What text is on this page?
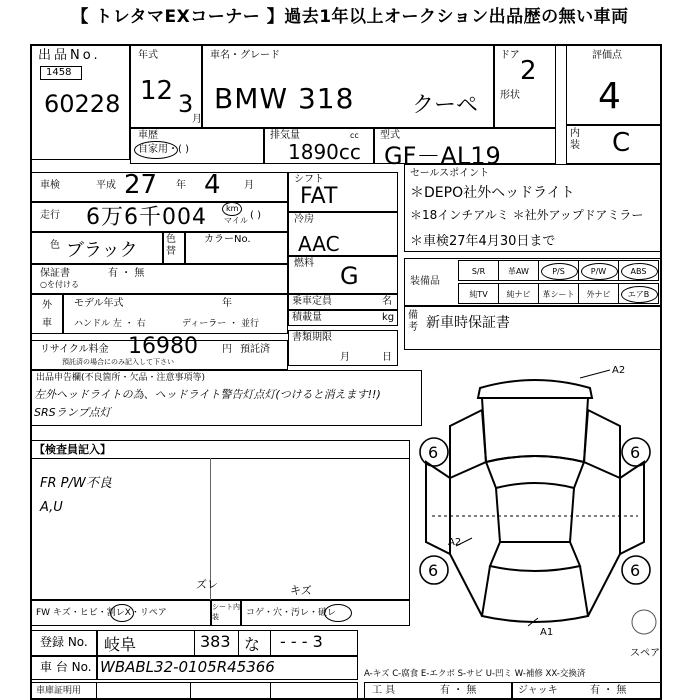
【 トレタマEXコーナー 】過去1年以上オークション出品歴の無い車両
出品No.
1458
60228
年式
12 3
月
車名・グレード
BMW 318	クーペ
ドア
2
形状
評価点
4
内装 C
車歴
自家用・( )
排気量	cc
1890cc
型式
GF－AL19
車検	平成 27 年 4 月
走行 6万6千004 km
マイル ( )
色 ブラック
色替
カラーNo.
保証書	有 ・ 無
○を付ける
外
車
モデル年式	年
ハンドル 左 ・ 右	ディーラー ・ 並行
リサイクル料金 16980 円 預託済
預託済の場合にのみ記入して下さい
シフト
FAT
冷房
AAC
燃料 G
乗車定員	名
積載量	kg
書類期限
月	日
セールスポイント
＊DEPO社外ヘッドライト
＊18インチアルミ ＊社外アップドアミラー
＊車検27年4月30日まで
装備品
S/R	革AW	P/S	P/W	ABS
純TV	純ナビ	革シート	外ナビ	エアB
備考 新車時保証書
出品申告欄(不良箇所・欠品・注意事項等)
左外ヘッドライトの為、ヘッドライト警告灯点灯(つけると消えます!!)
SRSランプ点灯
【検査員記入】
FR P/W不良
A,U
6	6
6	6
A2
A2
A1
スペア
ズレ	キズ
FW キズ・ヒビ・割レX・リペア
シート内装	コゲ・穴・汚レ・破レ
登録 No. 岐阜	383 な - - - 3
車 台 No. WBABL32-0105R45366	A-キズ C-腐食 E-エクボ S-サビ U-凹ミ W-補修 XX-交換済
車庫証明用	工 具	有 ・ 無	ジャッキ	有 ・ 無
